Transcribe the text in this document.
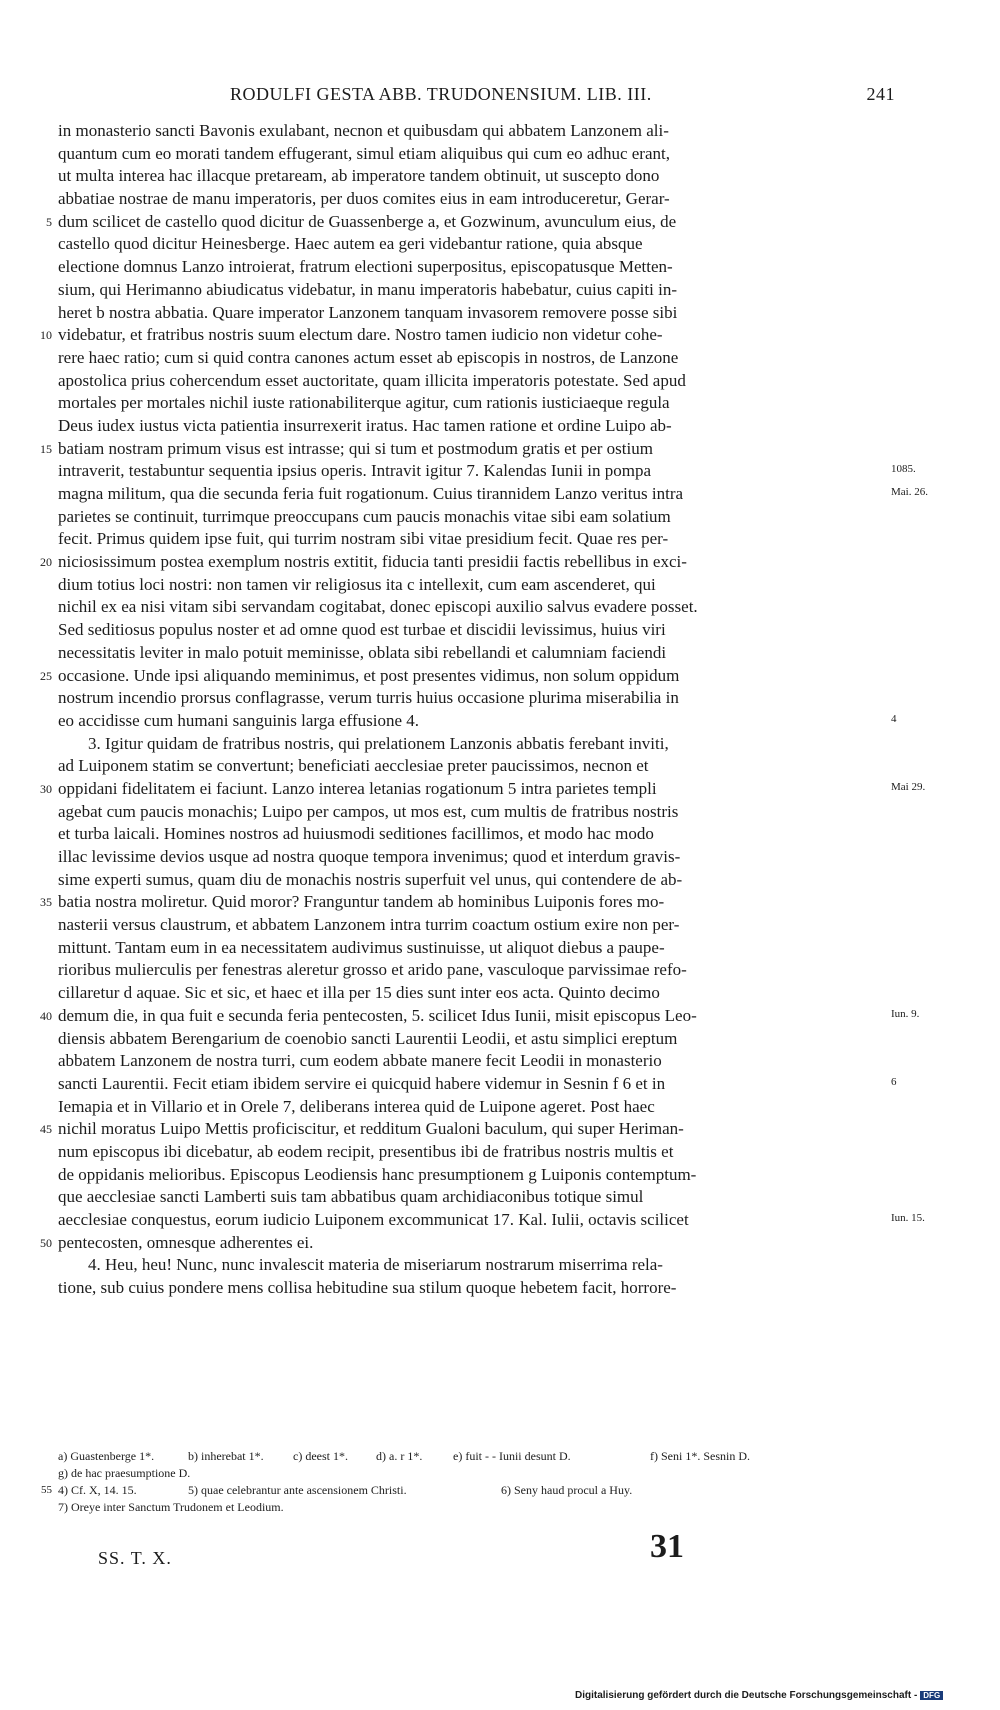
RODULFI GESTA ABB. TRUDONENSIUM. LIB. III.	241
in monasterio sancti Bavonis exulabant, necnon et quibusdam qui abbatem Lanzonem ali-
quantum cum eo morati tandem effugerant, simul etiam aliquibus qui cum eo adhuc erant,
ut multa interea hac illacque pretaream, ab imperatore tandem obtinuit, ut suscepto dono
abbatiae nostrae de manu imperatoris, per duos comites eius in eam introduceretur, Gerar-
5 dum scilicet de castello quod dicitur de Guassenberge a, et Gozwinum, avunculum eius, de
castello quod dicitur Heinesberge. Haec autem ea geri videbantur ratione, quia absque
electione domnus Lanzo introierat, fratrum electioni superpositus, episcopatusque Metten-
sium, qui Herimanno abiudicatus videbatur, in manu imperatoris habebatur, cuius capiti in-
heret b nostra abbatia. Quare imperator Lanzonem tanquam invasorem removere posse sibi
10 videbatur, et fratribus nostris suum electum dare. Nostro tamen iudicio non videtur cohe-
rere haec ratio; cum si quid contra canones actum esset ab episcopis in nostros, de Lanzone
apostolica prius cohercendum esset auctoritate, quam illicita imperatoris potestate. Sed apud
mortales per mortales nichil iuste rationabiliterque agitur, cum rationis iusticiaeque regula
Deus iudex iustus victa patientia insurrexerit iratus. Hac tamen ratione et ordine Luipo ab-
15 batiam nostram primum visus est intrasse; qui si tum et postmodum gratis et per ostium
intraverit, testabuntur sequentia ipsius operis. Intravit igitur 7. Kalendas Iunii in pompa	1085.
magna militum, qua die secunda feria fuit rogationum. Cuius tirannidem Lanzo veritus intra	Mai. 26.
parietes se continuit, turrimque preoccupans cum paucis monachis vitae sibi eam solatium
fecit. Primus quidem ipse fuit, qui turrim nostram sibi vitae presidium fecit. Quae res per-
20 niciosissimum postea exemplum nostris extitit, fiducia tanti presidii factis rebellibus in exci-
dium totius loci nostri: non tamen vir religiosus ita c intellexit, cum eam ascenderet, qui
nichil ex ea nisi vitam sibi servandam cogitabat, donec episcopi auxilio salvus evadere posset.
Sed seditiosus populus noster et ad omne quod est turbae et discidii levissimus, huius viri
necessitatis leviter in malo potuit meminisse, oblata sibi rebellandi et calumniam faciendi
25 occasione. Unde ipsi aliquando meminimus, et post presentes vidimus, non solum oppidum
nostrum incendio prorsus conflagrasse, verum turris huius occasione plurima miserabilia in
eo accidisse cum humani sanguinis larga effusione 4.	4
3. Igitur quidam de fratribus nostris, qui prelationem Lanzonis abbatis ferebant inviti,
ad Luiponem statim se convertunt; beneficiati aecclesiae preter paucissimos, necnon et
30 oppidani fidelitatem ei faciunt. Lanzo interea letanias rogationum 5 intra parietes templi	Mai 29.
agebat cum paucis monachis; Luipo per campos, ut mos est, cum multis de fratribus nostris
et turba laicali. Homines nostros ad huiusmodi seditiones facillimos, et modo hac modo
illac levissime devios usque ad nostra quoque tempora invenimus; quod et interdum gravis-
sime experti sumus, quam diu de monachis nostris superfuit vel unus, qui contendere de ab-
35 batia nostra moliretur. Quid moror? Franguntur tandem ab hominibus Luiponis fores mo-
nasterii versus claustrum, et abbatem Lanzonem intra turrim coactum ostium exire non per-
mittunt. Tantam eum in ea necessitatem audivimus sustinuisse, ut aliquot diebus a paupe-
rioribus mulierculis per fenestras aleretur grosso et arido pane, vasculoque parvissimae refo-
cillaretur d aquae. Sic et sic, et haec et illa per 15 dies sunt inter eos acta. Quinto decimo
40 demum die, in qua fuit e secunda feria pentecosten, 5. scilicet Idus Iunii, misit episcopus Leo-	Iun. 9.
diensis abbatem Berengarium de coenobio sancti Laurentii Leodii, et astu simplici ereptum
abbatem Lanzonem de nostra turri, cum eodem abbate manere fecit Leodii in monasterio
sancti Laurentii. Fecit etiam ibidem servire ei quicquid habere videmur in Sesnin f 6 et in	6
Iemapia et in Villario et in Orele 7, deliberans interea quid de Luipone ageret. Post haec
45 nichil moratus Luipo Mettis proficiscitur, et redditum Gualoni baculum, qui super Heriman-
num episcopus ibi dicebatur, ab eodem recipit, presentibus ibi de fratribus nostris multis et
de oppidanis melioribus. Episcopus Leodiensis hanc presumptionem g Luiponis contemptum-
que aecclesiae sancti Lamberti suis tam abbatibus quam archidiaconibus totique simul
aecclesiae conquestus, eorum iudicio Luiponem excommunicat 17. Kal. Iulii, octavis scilicet	Iun. 15.
50 pentecosten, omnesque adherentes ei.
4. Heu, heu! Nunc, nunc invalescit materia de miseriarum nostrarum miserrima rela-
tione, sub cuius pondere mens collisa hebitudine sua stilum quoque hebetem facit, horrore-
a) Guastenberge 1*.	b) inherebat 1*. c) deest 1*. d) a. r 1*.	e) fuit - - Iunii desunt D.	f) Seni 1*. Sesnin D.
g) de hac praesumptione D.
55 4) Cf. X, 14. 15.	5) quae celebrantur ante ascensionem Christi.	6) Seny haud procul a Huy.
7) Oreye inter Sanctum Trudonem et Leodium.
SS. T. X.	31
Digitalisierung gefördert durch die Deutsche Forschungsgemeinschaft - DFG
